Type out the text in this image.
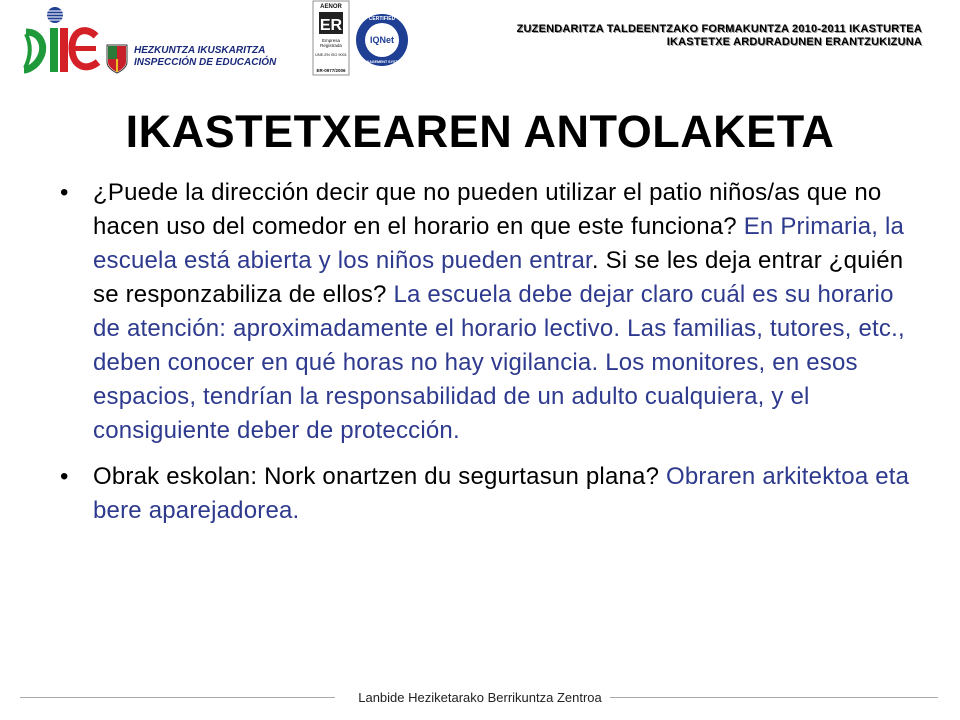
HEZKUNTZA IKUSKARITZA
INSPECCIÓN DE EDUCACIÓN
AENOR
ER
Empresa
Registrada
UNE-EN ISO 9001
ER-0977/2006
CERTIFIED
IQNet
MANAGEMENT SYSTEM
ZUZENDARITZA TALDEENTZAKO FORMAKUNTZA 2010-2011 IKASTURTEA
IKASTETXE ARDURADUNEN ERANTZUKIZUNA
IKASTETXEAREN ANTOLAKETA
• ¿Puede la dirección decir que no pueden utilizar el patio niños/as que no hacen uso del comedor en el horario en que este funciona? En Primaria, la escuela está abierta y los niños pueden entrar. Si se les deja entrar ¿quién se responzabiliza de ellos? La escuela debe dejar claro cuál es su horario de atención: aproximadamente el horario lectivo. Las familias, tutores, etc., deben conocer en qué horas no hay vigilancia. Los monitores, en esos espacios, tendrían la responsabilidad de un adulto cualquiera, y el consiguiente deber de protección.
• Obrak eskolan: Nork onartzen du segurtasun plana? Obraren arkitektoa eta bere aparejadorea.
Lanbide Heziketarako Berrikuntza Zentroa
